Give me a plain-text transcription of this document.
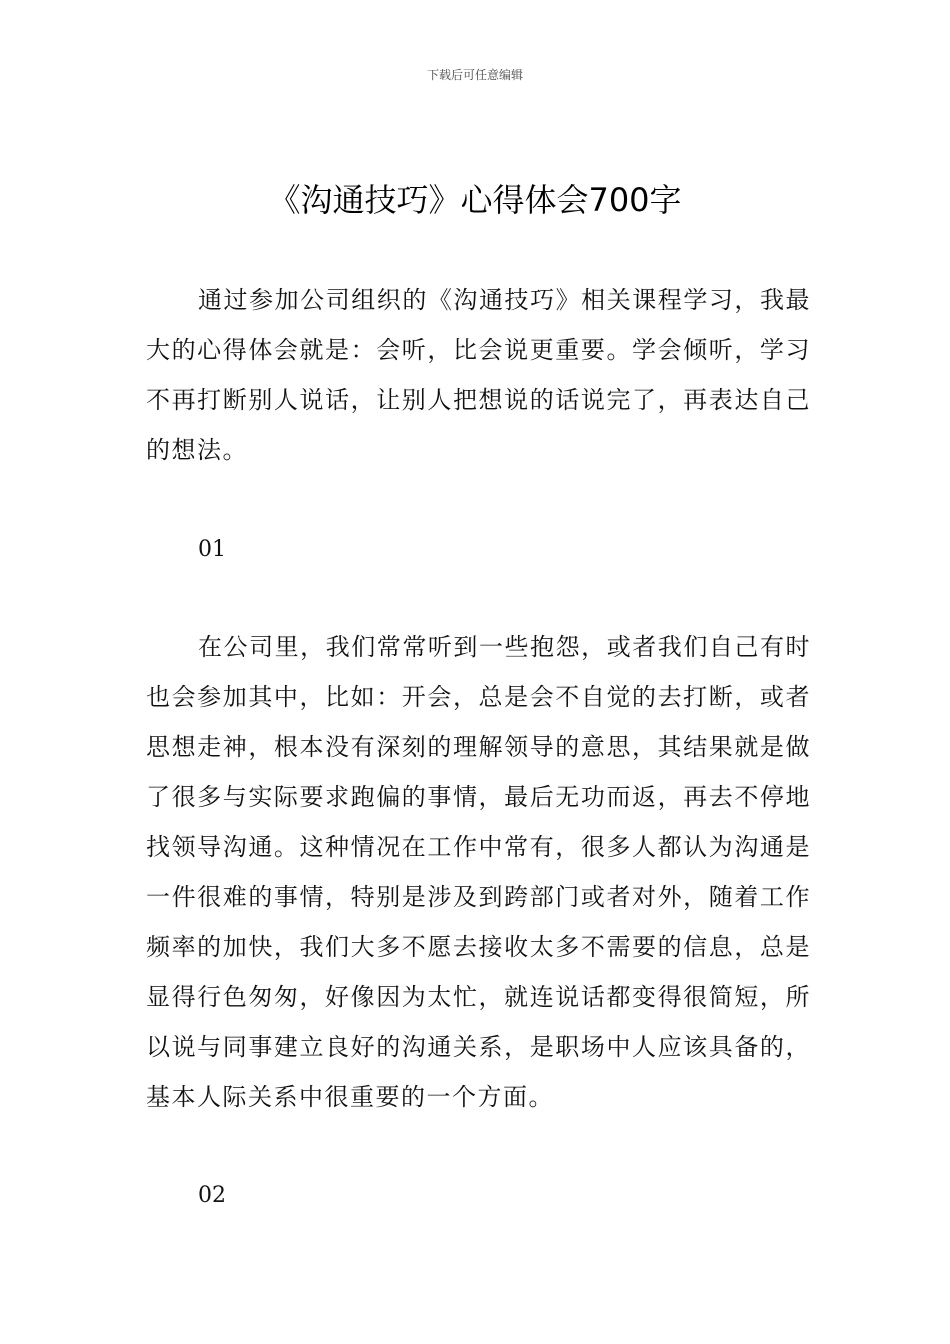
下载后可任意编辑
《沟通技巧》心得体会700字

通过参加公司组织的《沟通技巧》相关课程学习，我最大的心得体会就是：会听，比会说更重要。学会倾听，学习不再打断别人说话，让别人把想说的话说完了，再表达自己的想法。

01

在公司里，我们常常听到一些抱怨，或者我们自己有时也会参加其中，比如：开会，总是会不自觉的去打断，或者思想走神，根本没有深刻的理解领导的意思，其结果就是做了很多与实际要求跑偏的事情，最后无功而返，再去不停地找领导沟通。这种情况在工作中常有，很多人都认为沟通是一件很难的事情，特别是涉及到跨部门或者对外，随着工作频率的加快，我们大多不愿去接收太多不需要的信息，总是显得行色匆匆，好像因为太忙，就连说话都变得很简短，所以说与同事建立良好的沟通关系，是职场中人应该具备的，基本人际关系中很重要的一个方面。

02
